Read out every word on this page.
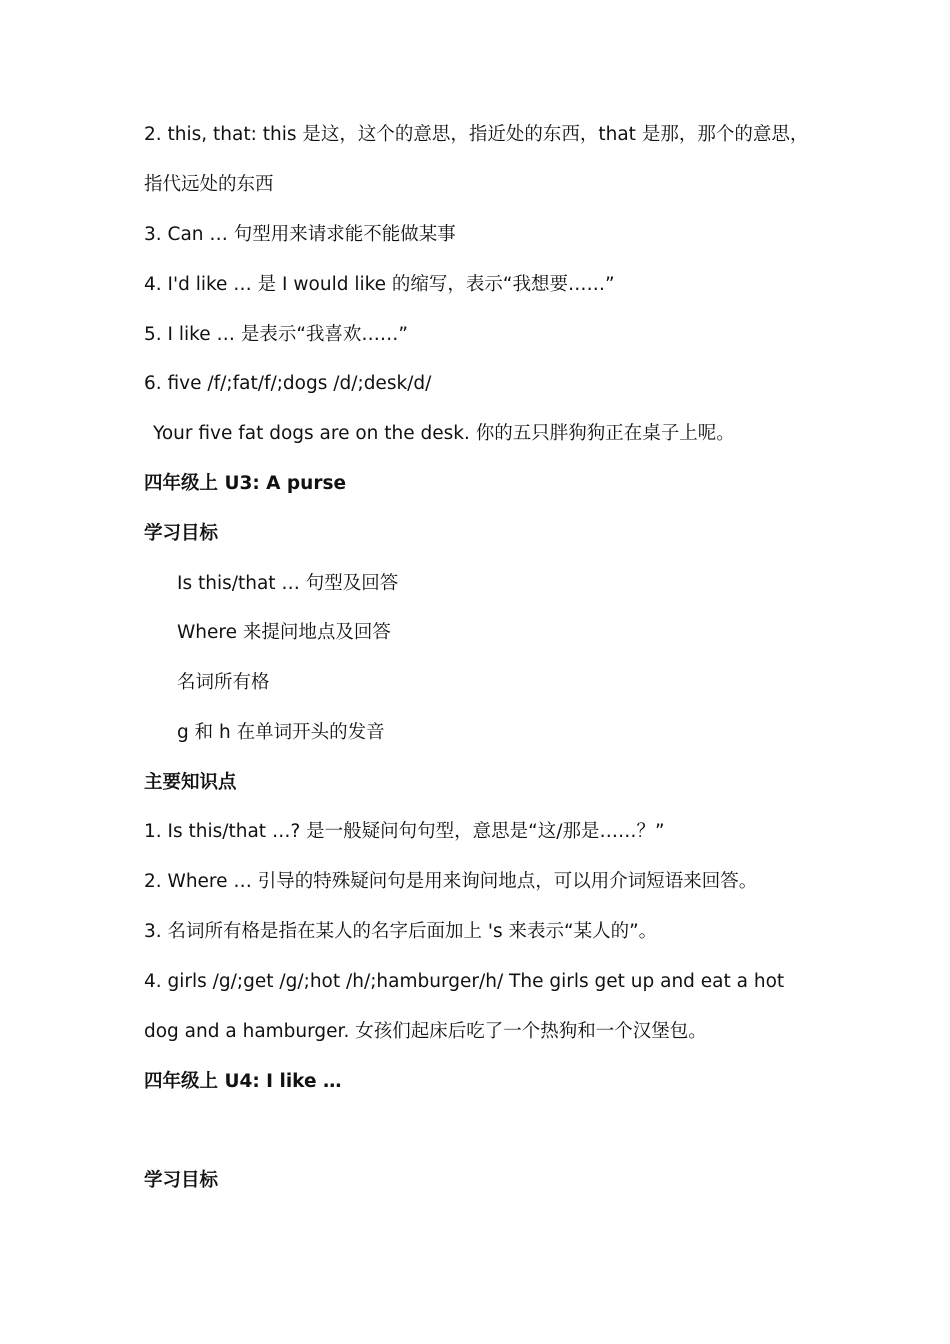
2. this, that: this 是这，这个的意思，指近处的东西，that 是那，那个的意思，
指代远处的东西
3. Can … 句型用来请求能不能做某事
4. I'd like … 是 I would like 的缩写，表示“我想要……”
5. I like … 是表示“我喜欢……”
6. five /f/;fat/f/;dogs /d/;desk/d/
Your five fat dogs are on the desk. 你的五只胖狗狗正在桌子上呢。
四年级上 U3: A purse
学习目标
Is this/that … 句型及回答
Where 来提问地点及回答
名词所有格
g 和 h 在单词开头的发音
主要知识点
1. Is this/that …? 是一般疑问句句型，意思是“这/那是……？”
2. Where … 引导的特殊疑问句是用来询问地点，可以用介词短语来回答。
3. 名词所有格是指在某人的名字后面加上 's 来表示“某人的”。
4. girls /g/;get /g/;hot /h/;hamburger/h/ The girls get up and eat a hot
dog and a hamburger. 女孩们起床后吃了一个热狗和一个汉堡包。
四年级上 U4: I like …
学习目标
